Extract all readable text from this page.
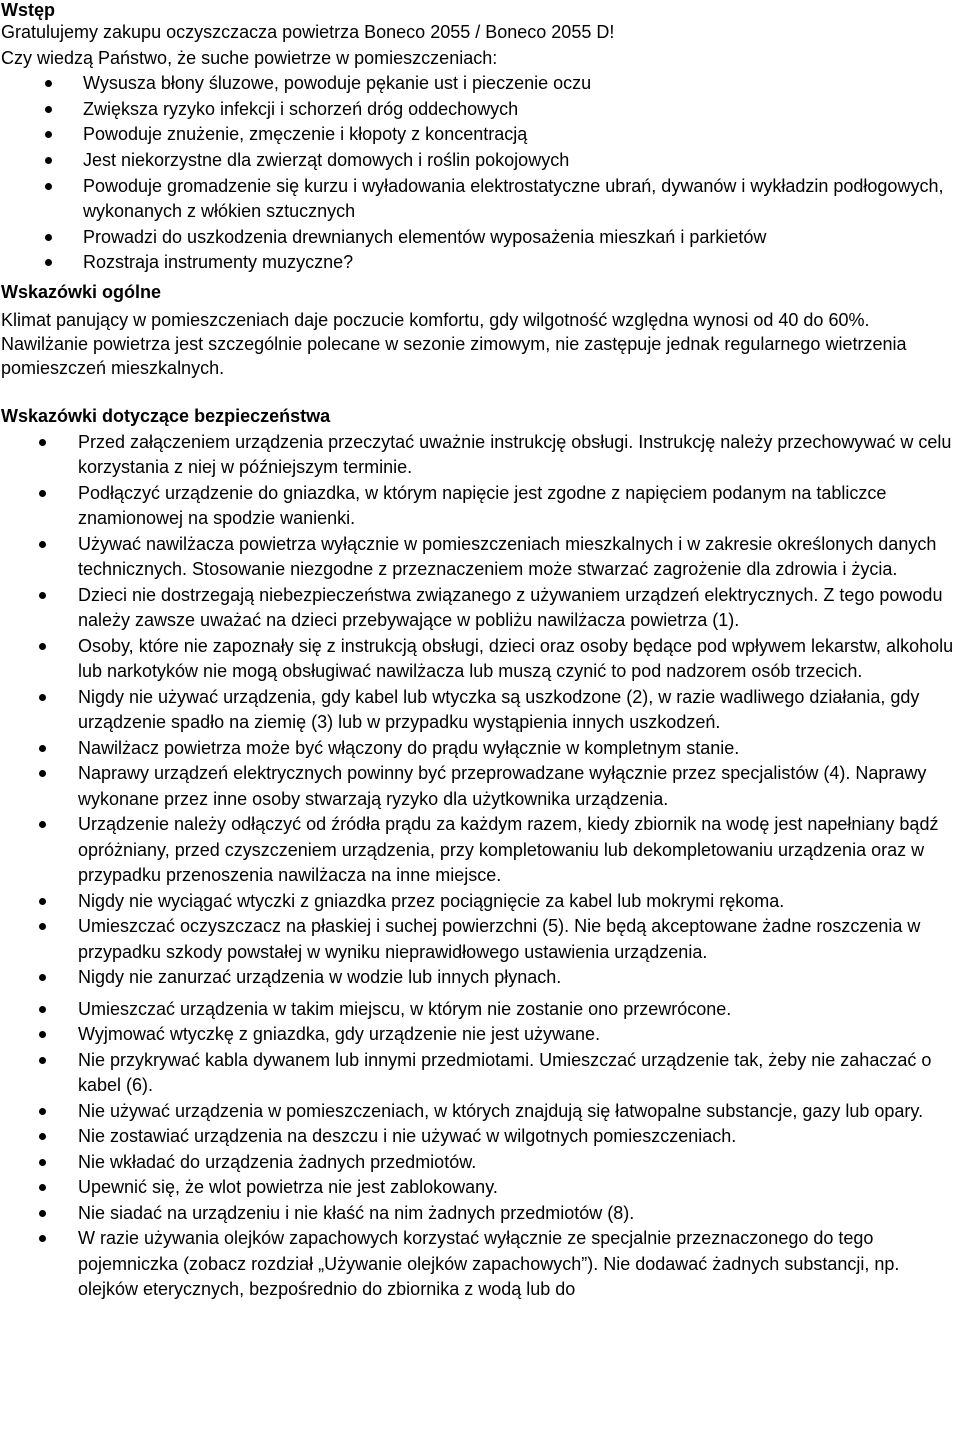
Wstęp

Gratulujemy zakupu oczyszczacza powietrza Boneco 2055 / Boneco 2055 D!

Czy wiedzą Państwo, że suche powietrze w pomieszczeniach:

Wysusza błony śluzowe, powoduje pękanie ust i pieczenie oczu
Zwiększa ryzyko infekcji i schorzeń dróg oddechowych
Powoduje znużenie, zmęczenie i kłopoty z koncentracją
Jest niekorzystne dla zwierząt domowych i roślin pokojowych
Powoduje gromadzenie się kurzu i wyładowania elektrostatyczne ubrań, dywanów i wykładzin podłogowych, wykonanych z włókien sztucznych
Prowadzi do uszkodzenia drewnianych elementów wyposażenia mieszkań i parkietów
Rozstraja instrumenty muzyczne?

Wskazówki ogólne

Klimat panujący w pomieszczeniach daje poczucie komfortu, gdy wilgotność względna wynosi od 40 do 60%. Nawilżanie powietrza jest szczególnie polecane w sezonie zimowym, nie zastępuje jednak regularnego wietrzenia pomieszczeń mieszkalnych.

Wskazówki dotyczące bezpieczeństwa

Przed załączeniem urządzenia przeczytać uważnie instrukcję obsługi. Instrukcję należy przechowywać w celu korzystania z niej w późniejszym terminie.
Podłączyć urządzenie do gniazdka, w którym napięcie jest zgodne z napięciem podanym na tabliczce znamionowej na spodzie wanienki.
Używać nawilżacza powietrza wyłącznie w pomieszczeniach mieszkalnych i w zakresie określonych danych technicznych. Stosowanie niezgodne z przeznaczeniem może stwarzać zagrożenie dla zdrowia i życia.
Dzieci nie dostrzegają niebezpieczeństwa związanego z używaniem urządzeń elektrycznych. Z tego powodu należy zawsze uważać na dzieci przebywające w pobliżu nawilżacza powietrza (1).
Osoby, które nie zapoznały się z instrukcją obsługi, dzieci oraz osoby będące pod wpływem lekarstw, alkoholu lub narkotyków nie mogą obsługiwać nawilżacza lub muszą czynić to pod nadzorem osób trzecich.
Nigdy nie używać urządzenia, gdy kabel lub wtyczka są uszkodzone (2), w razie wadliwego działania, gdy urządzenie spadło na ziemię (3) lub w przypadku wystąpienia innych uszkodzeń.
Nawilżacz powietrza może być włączony do prądu wyłącznie w kompletnym stanie.
Naprawy urządzeń elektrycznych powinny być przeprowadzane wyłącznie przez specjalistów (4). Naprawy wykonane przez inne osoby stwarzają ryzyko dla użytkownika urządzenia.
Urządzenie należy odłączyć od źródła prądu za każdym razem, kiedy zbiornik na wodę jest napełniany bądź opróżniany, przed czyszczeniem urządzenia, przy kompletowaniu lub dekompletowaniu urządzenia oraz w przypadku przenoszenia nawilżacza na inne miejsce.
Nigdy nie wyciągać wtyczki z gniazdka przez pociągnięcie za kabel lub mokrymi rękoma.
Umieszczać oczyszczacz na płaskiej i suchej powierzchni (5). Nie będą akceptowane żadne roszczenia w przypadku szkody powstałej w wyniku nieprawidłowego ustawienia urządzenia.
Nigdy nie zanurzać urządzenia w wodzie lub innych płynach.
Umieszczać urządzenia w takim miejscu, w którym nie zostanie ono przewrócone.
Wyjmować wtyczkę z gniazdka, gdy urządzenie nie jest używane.
Nie przykrywać kabla dywanem lub innymi przedmiotami. Umieszczać urządzenie tak, żeby nie zahaczać o kabel (6).
Nie używać urządzenia w pomieszczeniach, w których znajdują się łatwopalne substancje, gazy lub opary.
Nie zostawiać urządzenia na deszczu i nie używać w wilgotnych pomieszczeniach.
Nie wkładać do urządzenia żadnych przedmiotów.
Upewnić się, że wlot powietrza nie jest zablokowany.
Nie siadać na urządzeniu i nie kłaść na nim żadnych przedmiotów (8).
W razie używania olejków zapachowych korzystać wyłącznie ze specjalnie przeznaczonego do tego pojemniczka (zobacz rozdział „Używanie olejków zapachowych”). Nie dodawać żadnych substancji, np. olejków eterycznych, bezpośrednio do zbiornika z wodą lub do
